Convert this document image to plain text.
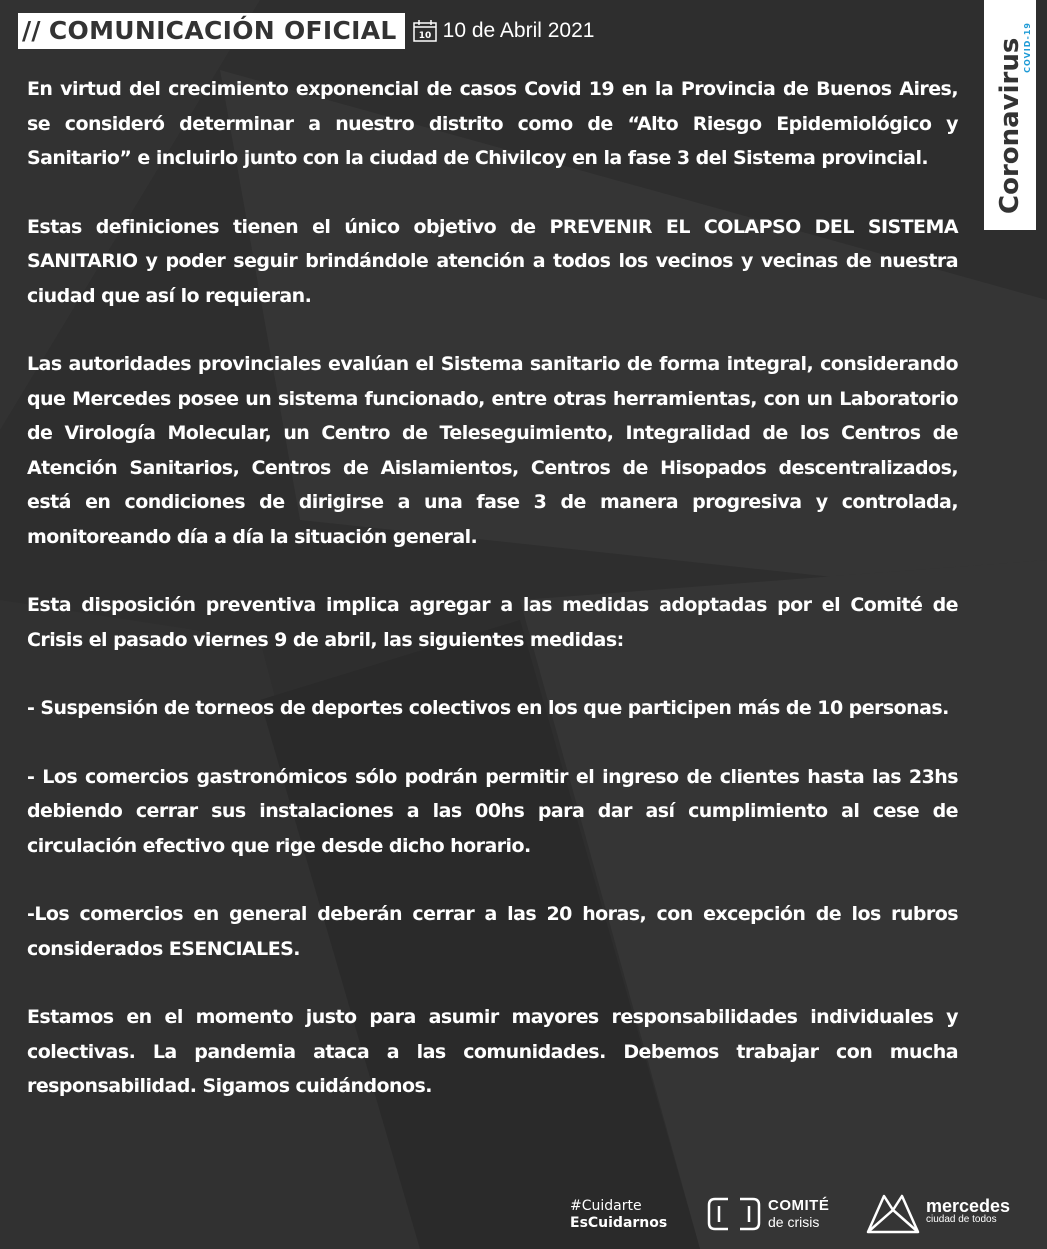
// COMUNICACIÓN OFICIAL	10 10 de Abril 2021
Coronavirus
COVID-19

En virtud del crecimiento exponencial de casos Covid 19 en la Provincia de Buenos Aires, se consideró determinar a nuestro distrito como de “Alto Riesgo Epidemiológico y Sanitario” e incluirlo junto con la ciudad de Chivilcoy en la fase 3 del Sistema provincial.

Estas definiciones tienen el único objetivo de PREVENIR EL COLAPSO DEL SISTEMA SANITARIO y poder seguir brindándole atención a todos los vecinos y vecinas de nuestra ciudad que así lo requieran.

Las autoridades provinciales evalúan el Sistema sanitario de forma integral, considerando que Mercedes posee un sistema funcionado, entre otras herramientas, con un Laboratorio de Virología Molecular, un Centro de Teleseguimiento, Integralidad de los Centros de Atención Sanitarios, Centros de Aislamientos, Centros de Hisopados descentralizados, está en condiciones de dirigirse a una fase 3 de manera progresiva y controlada, monitoreando día a día la situación general.

Esta disposición preventiva implica agregar a las medidas adoptadas por el Comité de Crisis el pasado viernes 9 de abril, las siguientes medidas:

- Suspensión de torneos de deportes colectivos en los que participen más de 10 personas.

- Los comercios gastronómicos sólo podrán permitir el ingreso de clientes hasta las 23hs debiendo cerrar sus instalaciones a las 00hs para dar así cumplimiento al cese de circulación efectivo que rige desde dicho horario.

-Los comercios en general deberán cerrar a las 20 horas, con excepción de los rubros considerados ESENCIALES.

Estamos en el momento justo para asumir mayores responsabilidades individuales y colectivas. La pandemia ataca a las comunidades. Debemos trabajar con mucha responsabilidad. Sigamos cuidándonos.

#Cuidarte
EsCuidarnos
COMITÉ
de crisis
mercedes
ciudad de todos
